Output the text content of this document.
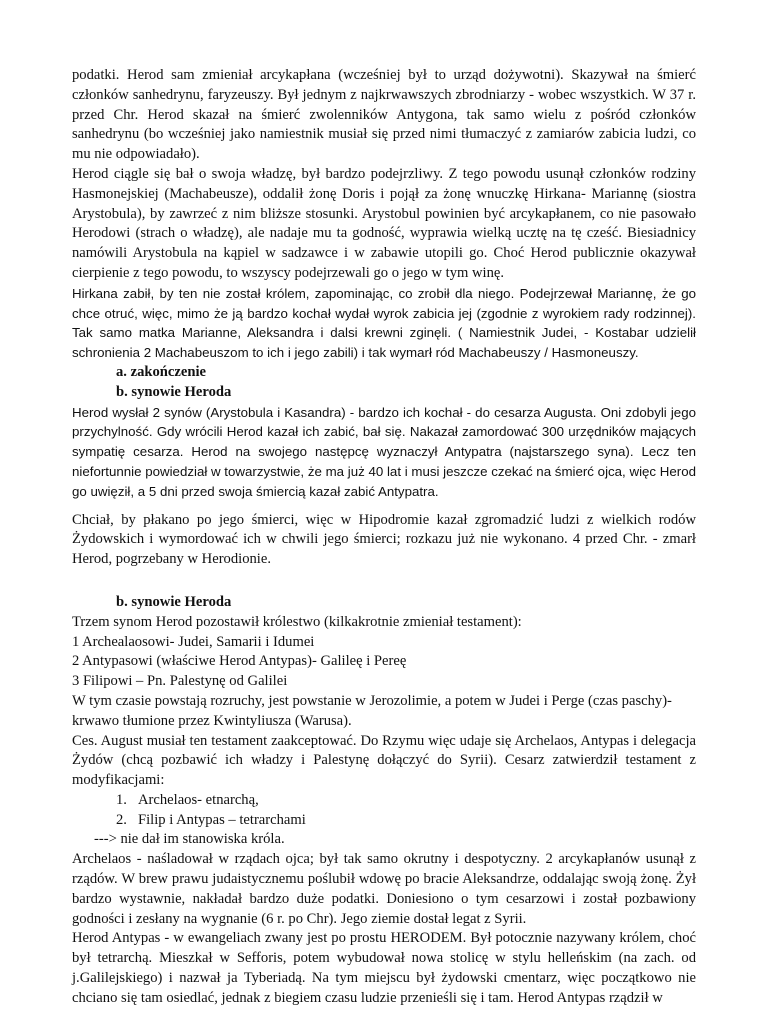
podatki. Herod sam zmieniał arcykapłana (wcześniej był to urząd dożywotni). Skazywał na śmierć członków sanhedrynu, faryzeuszy. Był jednym z najkrwawszych zbrodniarzy - wobec wszystkich. W 37 r. przed Chr. Herod skazał na śmierć zwolenników Antygona, tak samo wielu z pośród członków sanhedrynu (bo wcześniej jako namiestnik musiał się przed nimi tłumaczyć z zamiarów zabicia ludzi, co mu nie odpowiadało).

Herod ciągle się bał o swoja władzę, był bardzo podejrzliwy. Z tego powodu usunął członków rodziny Hasmonejskiej (Machabeusze), oddalił żonę Doris i pojął za żonę wnuczkę Hirkana- Mariannę (siostra Arystobula), by zawrzeć z nim bliższe stosunki. Arystobul powinien być arcykapłanem, co nie pasowało Herodowi (strach o władzę), ale nadaje mu ta godność, wyprawia wielką ucztę na tę cześć. Biesiadnicy namówili Arystobula na kąpiel w sadzawce i w zabawie utopili go. Choć Herod publicznie okazywał cierpienie z tego powodu, to wszyscy podejrzewali go o jego w tym winę.

Hirkana zabił, by ten nie został królem, zapominając, co zrobił dla niego. Podejrzewał Mariannę, że go chce otruć, więc, mimo że ją bardzo kochał wydał wyrok zabicia jej (zgodnie z wyrokiem rady rodzinnej). Tak samo matka Marianne, Aleksandra i dalsi krewni zginęli. ( Namiestnik Judei, - Kostabar udzielił schronienia 2 Machabeuszom to ich i jego zabili) i tak wymarł ród Machabeuszy / Hasmoneuszy.

a. zakończenie

b. synowie Heroda

Herod wysłał 2 synów (Arystobula i Kasandra) - bardzo ich kochał - do cesarza Augusta. Oni zdobyli jego przychylność. Gdy wrócili Herod kazał ich zabić, bał się. Nakazał zamordować 300 urzędników mających sympatię cesarza. Herod na swojego następcę wyznaczył Antypatra (najstarszego syna). Lecz ten niefortunnie powiedział w towarzystwie, że ma już 40 lat i musi jeszcze czekać na śmierć ojca, więc Herod go uwięził, a 5 dni przed swoja śmiercią kazał zabić Antypatra.

Chciał, by płakano po jego śmierci, więc w Hipodromie kazał zgromadzić ludzi z wielkich rodów Żydowskich i wymordować ich w chwili jego śmierci; rozkazu już nie wykonano. 4 przed Chr. - zmarł Herod, pogrzebany w Herodionie.

b. synowie Heroda

Trzem synom Herod pozostawił królestwo (kilkakrotnie zmieniał testament):

1 Archealaosowi- Judei, Samarii i Idumei

2 Antypasowi (właściwe Herod Antypas)- Galileę i Pereę

3 Filipowi – Pn. Palestynę od Galilei

W tym czasie powstają rozruchy, jest powstanie w Jerozolimie, a potem w Judei i Perge (czas paschy)- krwawo tłumione przez Kwintyliusza (Warusa).

Ces. August musiał ten testament zaakceptować. Do Rzymu więc udaje się Archelaos, Antypas i delegacja Żydów (chcą pozbawić ich władzy i Palestynę dołączyć do Syrii). Cesarz zatwierdził testament z modyfikacjami:

1. Archelaos- etnarchą,
2. Filip i Antypas – tetrarchami

---> nie dał im stanowiska króla.

Archelaos - naśladował w rządach ojca; był tak samo okrutny i despotyczny. 2 arcykapłanów usunął z rządów. W brew prawu judaistycznemu poślubił wdowę po bracie Aleksandrze, oddalając swoją żonę. Żył bardzo wystawnie, nakładał bardzo duże podatki. Doniesiono o tym cesarzowi i został pozbawiony godności i zesłany na wygnanie (6 r. po Chr). Jego ziemie dostał legat z Syrii.

Herod Antypas - w ewangeliach zwany jest po prostu HERODEM. Był potocznie nazywany królem, choć był tetrarchą. Mieszkał w Sefforis, potem wybudował nowa stolicę w stylu helleńskim (na zach. od j.Galilejskiego) i nazwał ja Tyberiadą. Na tym miejscu był żydowski cmentarz, więc początkowo nie chciano się tam osiedlać, jednak z biegiem czasu ludzie przenieśli się i tam. Herod Antypas rządził w
